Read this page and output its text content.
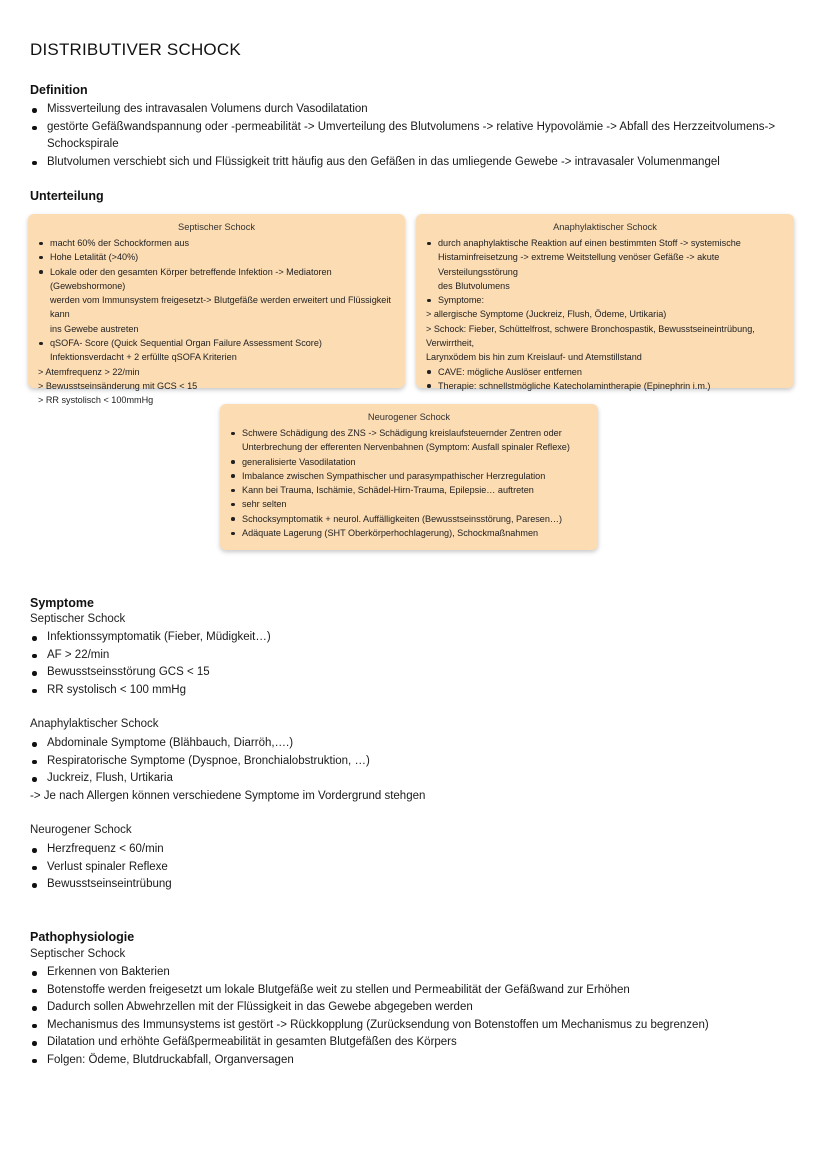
DISTRIBUTIVER SCHOCK
Definition
Missverteilung des intravasalen Volumens durch Vasodilatation
gestörte Gefäßwandspannung oder -permeabilität -> Umverteilung des Blutvolumens -> relative Hypovolämie -> Abfall des Herzzeitvolumens->
Schockspirale
Blutvolumen verschiebt sich und Flüssigkeit tritt häufig aus den Gefäßen in das umliegende Gewebe -> intravasaler Volumenmangel
Unterteilung
Septischer Schock
macht 60% der Schockformen aus
Hohe Letalität (>40%)
Lokale oder den gesamten Körper betreffende Infektion -> Mediatoren (Gewebshormone)
werden vom Immunsystem freigesetzt-> Blutgefäße werden erweitert und Flüssigkeit kann
ins Gewebe austreten
qSOFA- Score (Quick Sequential Organ Failure Assessment Score)
Infektionsverdacht + 2 erfüllte qSOFA Kriterien
> Atemfrequenz > 22/min
> Bewusstseinsänderung mit GCS < 15
> RR systolisch < 100mmHg
Anaphylaktischer Schock
durch anaphylaktische Reaktion auf einen bestimmten Stoff -> systemische
Histaminfreisetzung -> extreme Weitstellung venöser Gefäße -> akute Versteilungsstörung
des Blutvolumens
Symptome:
> allergische Symptome (Juckreiz, Flush, Ödeme, Urtikaria)
> Schock: Fieber, Schüttelfrost, schwere Bronchospastik, Bewusstseineintrübung, Verwirrtheit,
Larynxödem bis hin zum Kreislauf- und Atemstillstand
CAVE: mögliche Auslöser entfernen
Therapie: schnellstmögliche Katecholamintherapie (Epinephrin i.m.)
Neurogener Schock
Schwere Schädigung des ZNS -> Schädigung kreislaufsteuernder Zentren oder
Unterbrechung der efferenten Nervenbahnen (Symptom: Ausfall spinaler Reflexe)
generalisierte Vasodilatation
Imbalance zwischen Sympathischer und parasympathischer Herzregulation
Kann bei Trauma, Ischämie, Schädel-Hirn-Trauma, Epilepsie… auftreten
sehr selten
Schocksymptomatik + neurol. Auffälligkeiten (Bewusstseinsstörung, Paresen…)
Adäquate Lagerung (SHT Oberkörperhochlagerung), Schockmaßnahmen
Symptome
Septischer Schock
Infektionssymptomatik (Fieber, Müdigkeit…)
AF > 22/min
Bewusstseinsstörung GCS < 15
RR systolisch < 100 mmHg
Anaphylaktischer Schock
Abdominale Symptome (Blähbauch, Diarröh,….)
Respiratorische Symptome (Dyspnoe, Bronchialobstruktion, …)
Juckreiz, Flush, Urtikaria
-> Je nach Allergen können verschiedene Symptome im Vordergrund stehgen
Neurogener Schock
Herzfrequenz < 60/min
Verlust spinaler Reflexe
Bewusstseinseintrübung
Pathophysiologie
Septischer Schock
Erkennen von Bakterien
Botenstoffe werden freigesetzt um lokale Blutgefäße weit zu stellen und Permeabilität der Gefäßwand zur Erhöhen
Dadurch sollen Abwehrzellen mit der Flüssigkeit in das Gewebe abgegeben werden
Mechanismus des Immunsystems ist gestört -> Rückkopplung (Zurücksendung von Botenstoffen um Mechanismus zu begrenzen)
Dilatation und erhöhte Gefäßpermeabilität in gesamten Blutgefäßen des Körpers
Folgen: Ödeme, Blutdruckabfall, Organversagen
